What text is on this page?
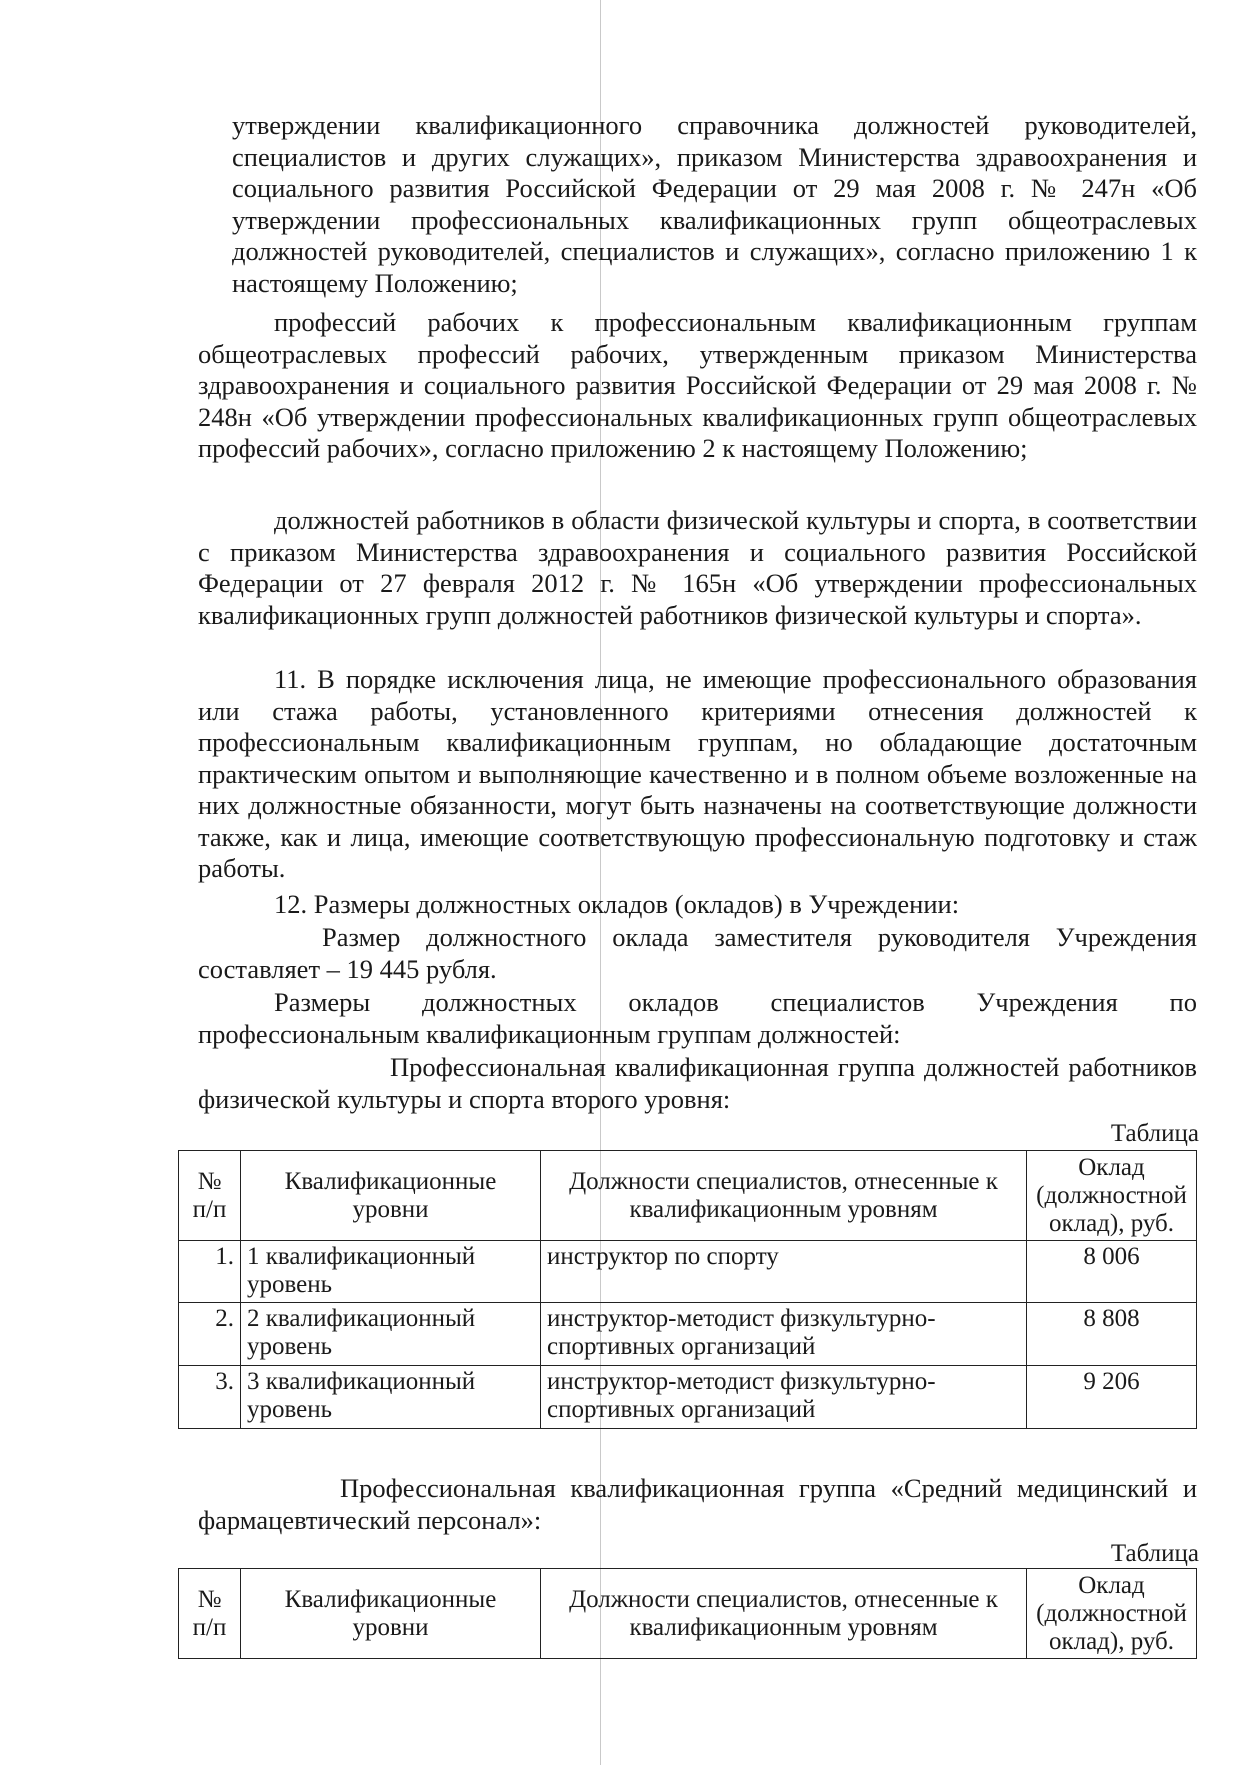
утверждении квалификационного справочника должностей руководителей, специалистов и других служащих», приказом Министерства здравоохранения и социального развития Российской Федерации от 29 мая 2008 г. № 247н «Об утверждении профессиональных квалификационных групп общеотраслевых должностей руководителей, специалистов и служащих», согласно приложению 1 к настоящему Положению;

профессий рабочих к профессиональным квалификационным группам общеотраслевых профессий рабочих, утвержденным приказом Министерства здравоохранения и социального развития Российской Федерации от 29 мая 2008 г. № 248н «Об утверждении профессиональных квалификационных групп общеотраслевых профессий рабочих», согласно приложению 2 к настоящему Положению;

должностей работников в области физической культуры и спорта, в соответствии с приказом Министерства здравоохранения и социального развития Российской Федерации от 27 февраля 2012 г. № 165н «Об утверждении профессиональных квалификационных групп должностей работников физической культуры и спорта».

11. В порядке исключения лица, не имеющие профессионального образования или стажа работы, установленного критериями отнесения должностей к профессиональным квалификационным группам, но обладающие достаточным практическим опытом и выполняющие качественно и в полном объеме возложенные на них должностные обязанности, могут быть назначены на соответствующие должности также, как и лица, имеющие соответствующую профессиональную подготовку и стаж работы.

12. Размеры должностных окладов (окладов) в Учреждении:

Размер должностного оклада заместителя руководителя Учреждения составляет – 19 445 рубля.

Размеры должностных окладов специалистов Учреждения по профессиональным квалификационным группам должностей:

Профессиональная квалификационная группа должностей работников физической культуры и спорта второго уровня:

Таблица

№ п/п	Квалификационные уровни	Должности специалистов, отнесенные к квалификационным уровням	Оклад (должностной оклад), руб.
1.	1 квалификационный уровень	инструктор по спорту	8 006
2.	2 квалификационный уровень	инструктор-методист физкультурно-спортивных организаций	8 808
3.	3 квалификационный уровень	инструктор-методист физкультурно-спортивных организаций	9 206

Профессиональная квалификационная группа «Средний медицинский и фармацевтический персонал»:

Таблица

№ п/п	Квалификационные уровни	Должности специалистов, отнесенные к квалификационным уровням	Оклад (должностной оклад), руб.
